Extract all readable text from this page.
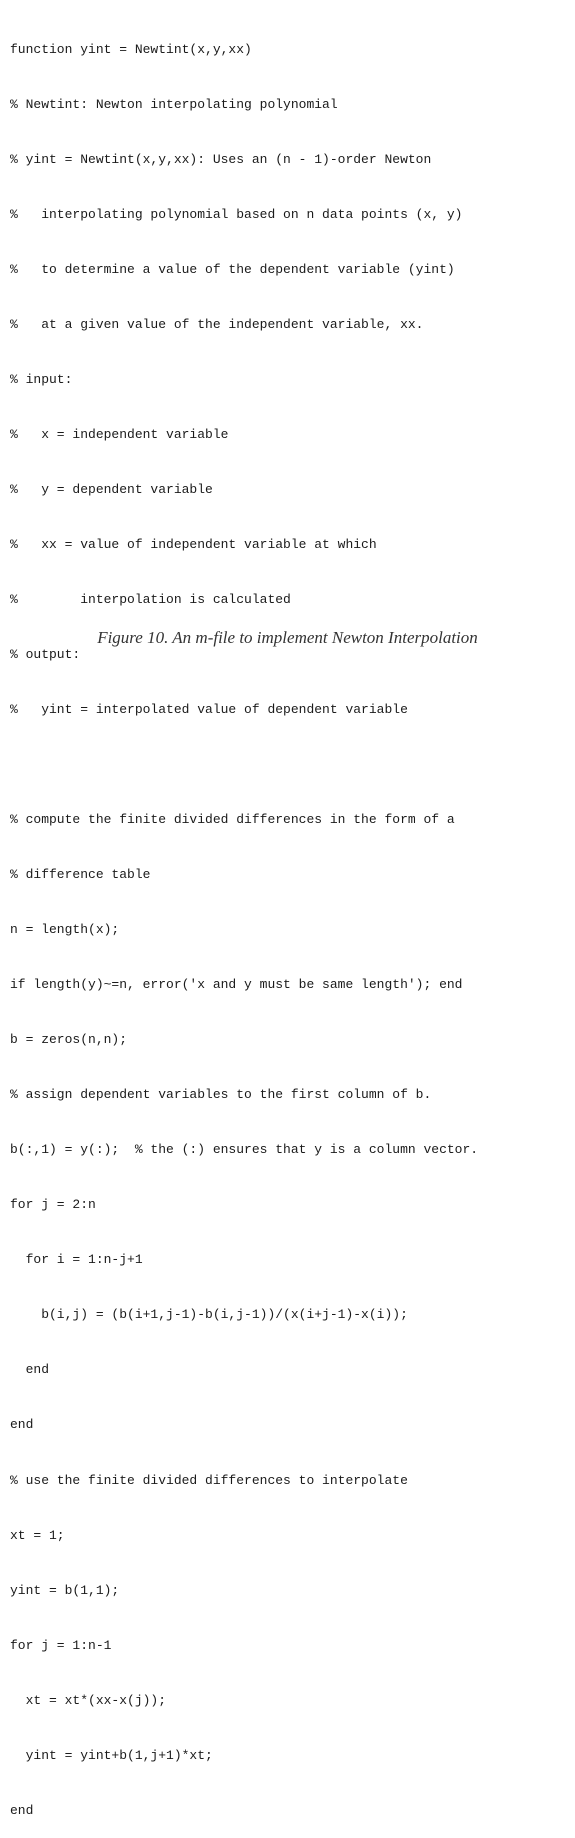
function yint = Newtint(x,y,xx)

% Newtint: Newton interpolating polynomial

% yint = Newtint(x,y,xx): Uses an (n - 1)-order Newton

%   interpolating polynomial based on n data points (x, y)

%   to determine a value of the dependent variable (yint)

%   at a given value of the independent variable, xx.

% input:

%   x = independent variable

%   y = dependent variable

%   xx = value of independent variable at which

%        interpolation is calculated

% output:

%   yint = interpolated value of dependent variable

% compute the finite divided differences in the form of a

% difference table

n = length(x);

if length(y)~=n, error('x and y must be same length'); end

b = zeros(n,n);

% assign dependent variables to the first column of b.

b(:,1) = y(:);  % the (:) ensures that y is a column vector.

for j = 2:n

for i = 1:n-j+1

b(i,j) = (b(i+1,j-1)-b(i,j-1))/(x(i+j-1)-x(i));

end

end

% use the finite divided differences to interpolate

xt = 1;

yint = b(1,1);

for j = 1:n-1

xt = xt*(xx-x(j));

yint = yint+b(1,j+1)*xt;

end

Figure 10. An m-file to implement Newton Interpolation
